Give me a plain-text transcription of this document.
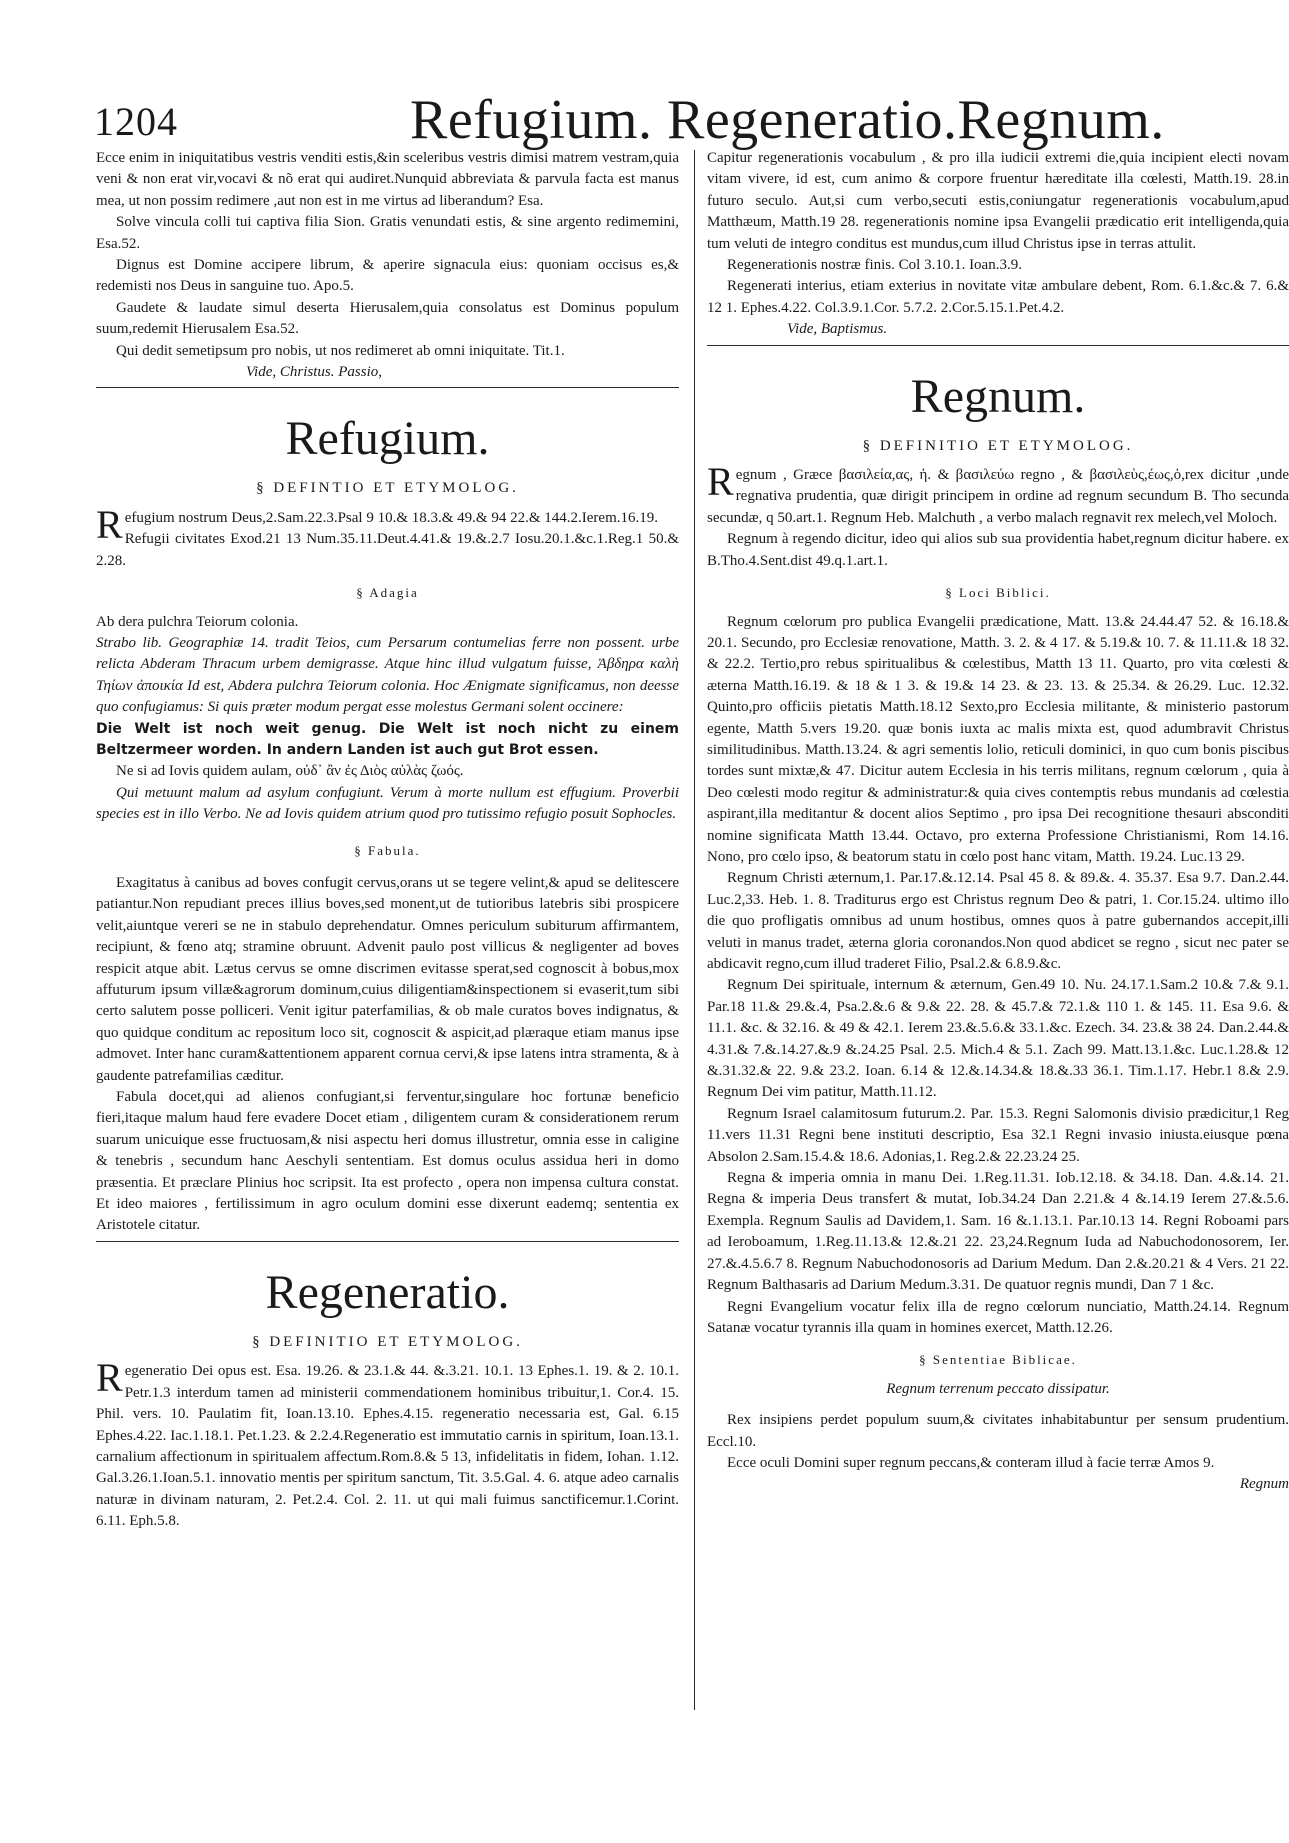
1204	Refugium. Regeneratio.Regnum.

Ecce enim in iniquitatibus vestris venditi estis,&in sceleribus vestris dimisi matrem vestram,quia veni & non erat vir,vocavi & nõ erat qui audiret.Nunquid abbreviata & parvula facta est manus mea, ut non possim redimere ,aut non est in me virtus ad liberandum? Esa.

Solve vincula colli tui captiva filia Sion. Gratis venundati estis, & sine argento redimemini, Esa.52.

Dignus est Domine accipere librum, & aperire signacula eius: quoniam occisus es,& redemisti nos Deus in sanguine tuo. Apo.5.

Gaudete & laudate simul deserta Hierusalem,quia consolatus est Dominus populum suum,redemit Hierusalem Esa.52.

Qui dedit semetipsum pro nobis, ut nos redimeret ab omni iniquitate. Tit.1.

Vide, Christus. Passio,

Refugium.
§ DEFINTIO ET ETYMOLOG.

Refugium nostrum Deus,2.Sam.22.3.Psal 9 10.& 18.3.& 49.& 94 22.& 144.2.Ierem.16.19.

Refugii civitates Exod.21 13 Num.35.11.Deut.4.41.& 19.&.2.7 Iosu.20.1.&c.1.Reg.1 50.& 2.28.

§ Adagia

Ab dera pulchra Teiorum colonia.

Strabo lib. Geographiæ 14. tradit Teios, cum Persarum contumelias ferre non possent. urbe relicta Abderam Thracum urbem demigrasse. Atque hinc illud vulgatum fuisse, Ἀβδηρα καλὴ Τηίων ἀποικία Id est, Abdera pulchra Teiorum colonia. Hoc Ænigmate significamus, non deesse quo confugiamus: Si quis præter modum pergat esse molestus Germani solent occinere:

Die Welt ist noch weit genug. Die Welt ist noch nicht zu einem Beltzermeer worden. In andern Landen ist auch gut Brot essen.

Ne si ad Iovis quidem aulam, οὐδ᾽ ἂν ἐς Διὸς αὐλὰς ζωός.

Qui metuunt malum ad asylum confugiunt. Verum à morte nullum est effugium. Proverbii species est in illo Verbo. Ne ad Iovis quidem atrium quod pro tutissimo refugio posuit Sophocles.

§ Fabula.

Exagitatus à canibus ad boves confugit cervus,orans ut se tegere velint,& apud se delitescere patiantur.Non repudiant preces illius boves,sed monent,ut de tutioribus latebris sibi prospicere velit,aiuntque vereri se ne in stabulo deprehendatur. Omnes periculum subiturum affirmantem, recipiunt, & fœno atq; stramine obruunt. Advenit paulo post villicus & negligenter ad boves respicit atque abit. Lætus cervus se omne discrimen evitasse sperat,sed cognoscit à bobus,mox affuturum ipsum villæ&agrorum dominum,cuius diligentiam&inspectionem si evaserit,tum sibi certo salutem posse polliceri. Venit igitur paterfamilias, & ob male curatos boves indignatus, & quo quidque conditum ac repositum loco sit, cognoscit & aspicit,ad plæraque etiam manus ipse admovet. Inter hanc curam&attentionem apparent cornua cervi,& ipse latens intra stramenta, & à gaudente patrefamilias cæditur.

Fabula docet,qui ad alienos confugiant,si ferventur,singulare hoc fortunæ beneficio fieri,itaque malum haud fere evadere Docet etiam , diligentem curam & considerationem rerum suarum unicuique esse fructuosam,& nisi aspectu heri domus illustretur, omnia esse in caligine & tenebris , secundum hanc Aeschyli sententiam. Est domus oculus assidua heri in domo præsentia. Et præclare Plinius hoc scripsit. Ita est profecto , opera non impensa cultura constat. Et ideo maiores , fertilissimum in agro oculum domini esse dixerunt eademq; sententia ex Aristotele citatur.

Regeneratio.
§ DEFINITIO ET ETYMOLOG.

Regeneratio Dei opus est. Esa. 19.26. & 23.1.& 44. &.3.21. 10.1. 13 Ephes.1. 19. & 2. 10.1. Petr.1.3 interdum tamen ad ministerii commendationem hominibus tribuitur,1. Cor.4. 15. Phil. vers. 10. Paulatim fit, Ioan.13.10. Ephes.4.15. regeneratio necessaria est, Gal. 6.15 Ephes.4.22. Iac.1.18.1. Pet.1.23. & 2.2.4.Regeneratio est immutatio carnis in spiritum, Ioan.13.1. carnalium affectionum in spiritualem affectum.Rom.8.& 5 13, infidelitatis in fidem, Iohan. 1.12. Gal.3.26.1.Ioan.5.1. innovatio mentis per spiritum sanctum, Tit. 3.5.Gal. 4. 6. atque adeo carnalis naturæ in divinam naturam, 2. Pet.2.4. Col. 2. 11. ut qui mali fuimus sanctificemur.1.Corint. 6.11. Eph.5.8.

Capitur regenerationis vocabulum , & pro illa iudicii extremi die,quia incipient electi novam vitam vivere, id est, cum animo & corpore fruentur hæreditate illa cœlesti, Matth.19. 28.in futuro seculo. Aut,si cum verbo,secuti estis,coniungatur regenerationis vocabulum,apud Matthæum, Matth.19 28. regenerationis nomine ipsa Evangelii prædicatio erit intelligenda,quia tum veluti de integro conditus est mundus,cum illud Christus ipse in terras attulit.

Regenerationis nostræ finis. Col 3.10.1. Ioan.3.9.

Regenerati interius, etiam exterius in novitate vitæ ambulare debent, Rom. 6.1.&c.& 7. 6.& 12 1. Ephes.4.22. Col.3.9.1.Cor. 5.7.2. 2.Cor.5.15.1.Pet.4.2.

Vide, Baptismus.

Regnum.
§ DEFINITIO ET ETYMOLOG.

Regnum , Græce βασιλεία,ας, ἡ. & βασιλεύω regno , & βασιλεὺς,έως,ὁ,rex dicitur ,unde regnativa prudentia, quæ dirigit principem in ordine ad regnum secundum B. Tho secunda secundæ, q 50.art.1. Regnum Heb. Malchuth , a verbo malach regnavit rex melech,vel Moloch.

Regnum à regendo dicitur, ideo qui alios sub sua providentia habet,regnum dicitur habere. ex B.Tho.4.Sent.dist 49.q.1.art.1.

§ Loci Biblici.

Regnum cœlorum pro publica Evangelii prædicatione, Matt. 13.& 24.44.47 52. & 16.18.& 20.1. Secundo, pro Ecclesiæ renovatione, Matth. 3. 2. & 4 17. & 5.19.& 10. 7. & 11.11.& 18 32. & 22.2. Tertio,pro rebus spiritualibus & cœlestibus, Matth 13 11. Quarto, pro vita cœlesti & æterna Matth.16.19. & 18 & 1 3. & 19.& 14 23. & 23. 13. & 25.34. & 26.29. Luc. 12.32. Quinto,pro officiis pietatis Matth.18.12 Sexto,pro Ecclesia militante, & ministerio pastorum egente, Matth 5.vers 19.20. quæ bonis iuxta ac malis mixta est, quod adumbravit Christus similitudinibus. Matth.13.24. & agri sementis lolio, reticuli dominici, in quo cum bonis piscibus tordes sunt mixtæ,& 47. Dicitur autem Ecclesia in his terris militans, regnum cœlorum , quia à Deo cœlesti modo regitur & administratur:& quia cives contemptis rebus mundanis ad cœlestia aspirant,illa meditantur & docent alios Septimo , pro ipsa Dei recognitione thesauri absconditi nomine significata Matth 13.44. Octavo, pro externa Professione Christianismi, Rom 14.16. Nono, pro cœlo ipso, & beatorum statu in cœlo post hanc vitam, Matth. 19.24. Luc.13 29.

Regnum Christi æternum,1. Par.17.&.12.14. Psal 45 8. & 89.&. 4. 35.37. Esa 9.7. Dan.2.44. Luc.2,33. Heb. 1. 8. Traditurus ergo est Christus regnum Deo & patri, 1. Cor.15.24. ultimo illo die quo profligatis omnibus ad unum hostibus, omnes quos à patre gubernandos accepit,illi veluti in manus tradet, æterna gloria coronandos.Non quod abdicet se regno , sicut nec pater se abdicavit regno,cum illud traderet Filio, Psal.2.& 6.8.9.&c.

Regnum Dei spirituale, internum & æternum, Gen.49 10. Nu. 24.17.1.Sam.2 10.& 7.& 9.1. Par.18 11.& 29.&.4, Psa.2.&.6 & 9.& 22. 28. & 45.7.& 72.1.& 110 1. & 145. 11. Esa 9.6. & 11.1. &c. & 32.16. & 49 & 42.1. Ierem 23.&.5.6.& 33.1.&c. Ezech. 34. 23.& 38 24. Dan.2.44.& 4.31.& 7.&.14.27.&.9 &.24.25 Psal. 2.5. Mich.4 & 5.1. Zach 99. Matt.13.1.&c. Luc.1.28.& 12 &.31.32.& 22. 9.& 23.2. Ioan. 6.14 & 12.&.14.34.& 18.&.33 36.1. Tim.1.17. Hebr.1 8.& 2.9. Regnum Dei vim patitur, Matth.11.12.

Regnum Israel calamitosum futurum.2. Par. 15.3. Regni Salomonis divisio prædicitur,1 Reg 11.vers 11.31 Regni bene instituti descriptio, Esa 32.1 Regni invasio iniusta.eiusque pœna Absolon 2.Sam.15.4.& 18.6. Adonias,1. Reg.2.& 22.23.24 25.

Regna & imperia omnia in manu Dei. 1.Reg.11.31. Iob.12.18. & 34.18. Dan. 4.&.14. 21. Regna & imperia Deus transfert & mutat, Iob.34.24 Dan 2.21.& 4 &.14.19 Ierem 27.&.5.6. Exempla. Regnum Saulis ad Davidem,1. Sam. 16 &.1.13.1. Par.10.13 14. Regni Roboami pars ad Ieroboamum, 1.Reg.11.13.& 12.&.21 22. 23,24.Regnum Iuda ad Nabuchodonosorem, Ier. 27.&.4.5.6.7 8. Regnum Nabuchodonosoris ad Darium Medum. Dan 2.&.20.21 & 4 Vers. 21 22. Regnum Balthasaris ad Darium Medum.3.31. De quatuor regnis mundi, Dan 7 1 &c.

Regni Evangelium vocatur felix illa de regno cœlorum nunciatio, Matth.24.14. Regnum Satanæ vocatur tyrannis illa quam in homines exercet, Matth.12.26.

§ Sententiae Biblicae.

Regnum terrenum peccato dissipatur.

Rex insipiens perdet populum suum,& civitates inhabitabuntur per sensum prudentium. Eccl.10.

Ecce oculi Domini super regnum peccans,& conteram illud à facie terræ Amos 9.

Regnum
